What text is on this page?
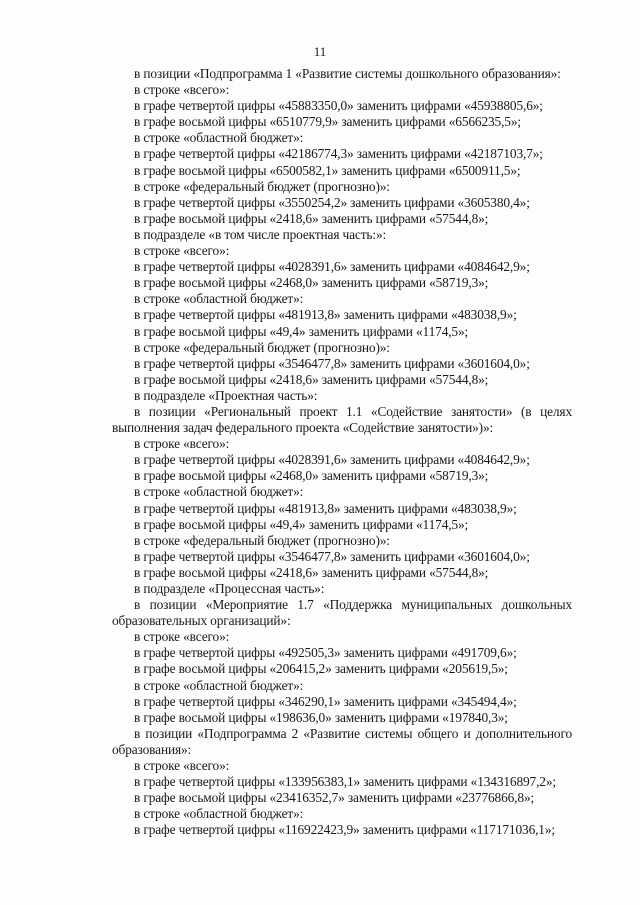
11
в позиции «Подпрограмма 1 «Развитие системы дошкольного образования»:
в строке «всего»:
в графе четвертой цифры «45883350,0» заменить цифрами «45938805,6»;
в графе восьмой цифры «6510779,9» заменить цифрами «6566235,5»;
в строке «областной бюджет»:
в графе четвертой цифры «42186774,3» заменить цифрами «42187103,7»;
в графе восьмой цифры «6500582,1» заменить цифрами «6500911,5»;
в строке «федеральный бюджет (прогнозно)»:
в графе четвертой цифры «3550254,2» заменить цифрами «3605380,4»;
в графе восьмой цифры «2418,6» заменить цифрами «57544,8»;
в подразделе «в том числе проектная часть:»:
в строке «всего»:
в графе четвертой цифры «4028391,6» заменить цифрами «4084642,9»;
в графе восьмой цифры «2468,0» заменить цифрами «58719,3»;
в строке «областной бюджет»:
в графе четвертой цифры «481913,8» заменить цифрами «483038,9»;
в графе восьмой цифры «49,4» заменить цифрами «1174,5»;
в строке «федеральный бюджет (прогнозно)»:
в графе четвертой цифры «3546477,8» заменить цифрами «3601604,0»;
в графе восьмой цифры «2418,6» заменить цифрами «57544,8»;
в подразделе «Проектная часть»:
в позиции «Региональный проект 1.1 «Содействие занятости» (в целях
выполнения задач федерального проекта «Содействие занятости»)»:
в строке «всего»:
в графе четвертой цифры «4028391,6» заменить цифрами «4084642,9»;
в графе восьмой цифры «2468,0» заменить цифрами «58719,3»;
в строке «областной бюджет»:
в графе четвертой цифры «481913,8» заменить цифрами «483038,9»;
в графе восьмой цифры «49,4» заменить цифрами «1174,5»;
в строке «федеральный бюджет (прогнозно)»:
в графе четвертой цифры «3546477,8» заменить цифрами «3601604,0»;
в графе восьмой цифры «2418,6» заменить цифрами «57544,8»;
в подразделе «Процессная часть»:
в позиции «Мероприятие 1.7 «Поддержка муниципальных дошкольных
образовательных организаций»:
в строке «всего»:
в графе четвертой цифры «492505,3» заменить цифрами «491709,6»;
в графе восьмой цифры «206415,2» заменить цифрами «205619,5»;
в строке «областной бюджет»:
в графе четвертой цифры «346290,1» заменить цифрами «345494,4»;
в графе восьмой цифры «198636,0» заменить цифрами «197840,3»;
в позиции «Подпрограмма 2 «Развитие системы общего и дополнительного
образования»:
в строке «всего»:
в графе четвертой цифры «133956383,1» заменить цифрами «134316897,2»;
в графе восьмой цифры «23416352,7» заменить цифрами «23776866,8»;
в строке «областной бюджет»:
в графе четвертой цифры «116922423,9» заменить цифрами «117171036,1»;
